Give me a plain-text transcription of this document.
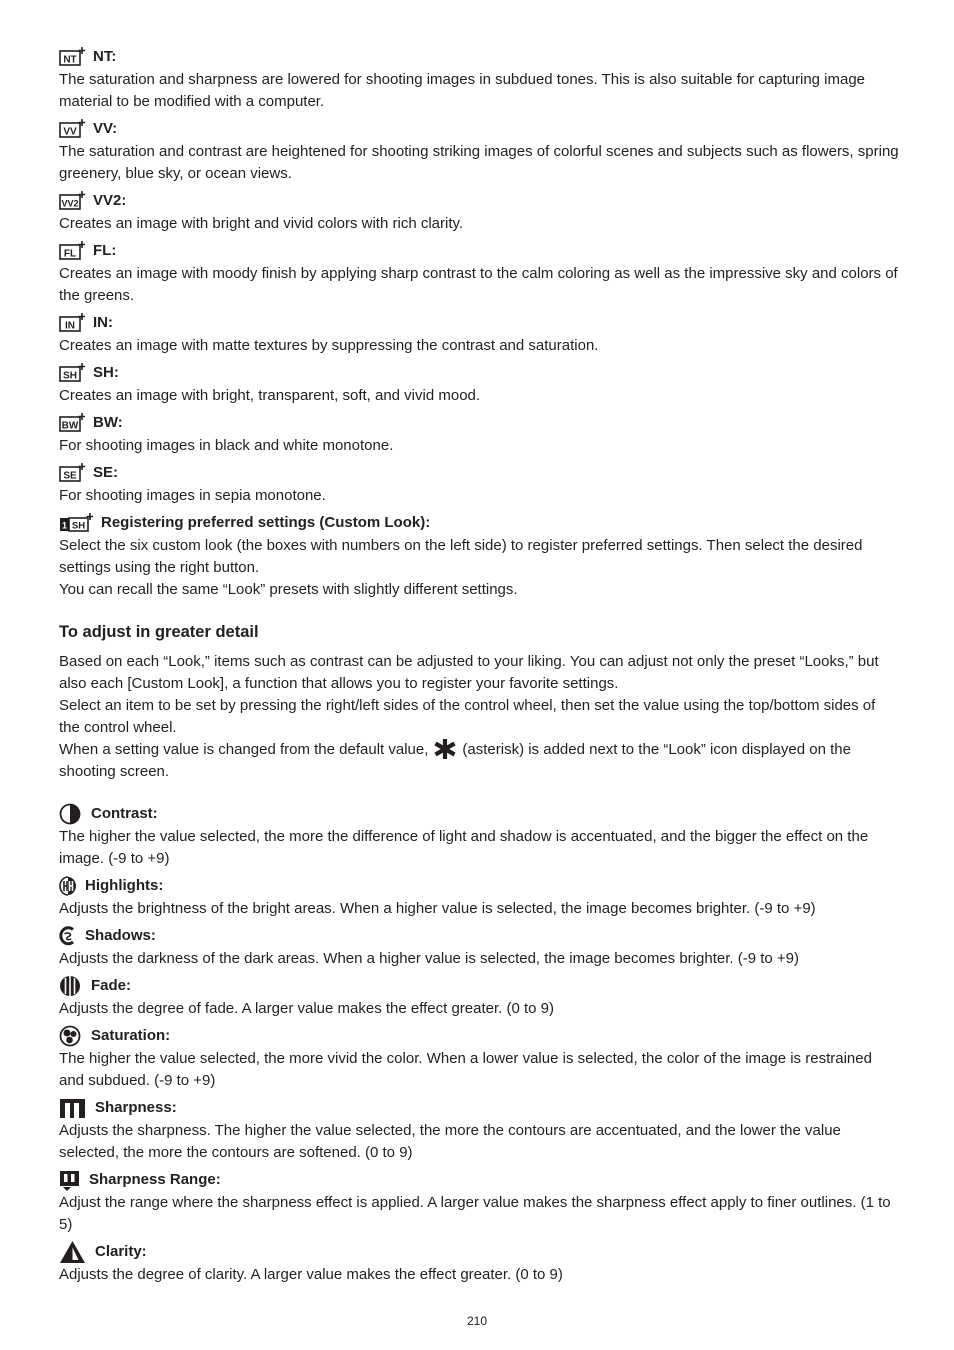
NT NT:

The saturation and sharpness are lowered for shooting images in subdued tones. This is also suitable for capturing image material to be modified with a computer.

VV VV:

The saturation and contrast are heightened for shooting striking images of colorful scenes and subjects such as flowers, spring greenery, blue sky, or ocean views.

VV2 VV2:

Creates an image with bright and vivid colors with rich clarity.

FL FL:

Creates an image with moody finish by applying sharp contrast to the calm coloring as well as the impressive sky and colors of the greens.

IN IN:

Creates an image with matte textures by suppressing the contrast and saturation.

SH SH:

Creates an image with bright, transparent, soft, and vivid mood.

BW BW:

For shooting images in black and white monotone.

SE SE:

For shooting images in sepia monotone.

1 SH Registering preferred settings (Custom Look):

Select the six custom look (the boxes with numbers on the left side) to register preferred settings. Then select the desired settings using the right button.

You can recall the same “Look” presets with slightly different settings.

To adjust in greater detail

Based on each “Look,” items such as contrast can be adjusted to your liking. You can adjust not only the preset “Looks,” but also each [Custom Look], a function that allows you to register your favorite settings.

Select an item to be set by pressing the right/left sides of the control wheel, then set the value using the top/bottom sides of the control wheel.

When a setting value is changed from the default value, (asterisk) is added next to the “Look” icon displayed on the shooting screen.

Contrast:

The higher the value selected, the more the difference of light and shadow is accentuated, and the bigger the effect on the image. (-9 to +9)

Highlights:

Adjusts the brightness of the bright areas. When a higher value is selected, the image becomes brighter. (-9 to +9)

Shadows:

Adjusts the darkness of the dark areas. When a higher value is selected, the image becomes brighter. (-9 to +9)

Fade:

Adjusts the degree of fade. A larger value makes the effect greater. (0 to 9)

Saturation:

The higher the value selected, the more vivid the color. When a lower value is selected, the color of the image is restrained and subdued. (-9 to +9)

Sharpness:

Adjusts the sharpness. The higher the value selected, the more the contours are accentuated, and the lower the value selected, the more the contours are softened. (0 to 9)

Sharpness Range:

Adjust the range where the sharpness effect is applied. A larger value makes the sharpness effect apply to finer outlines. (1 to 5)

Clarity:

Adjusts the degree of clarity. A larger value makes the effect greater. (0 to 9)

210
